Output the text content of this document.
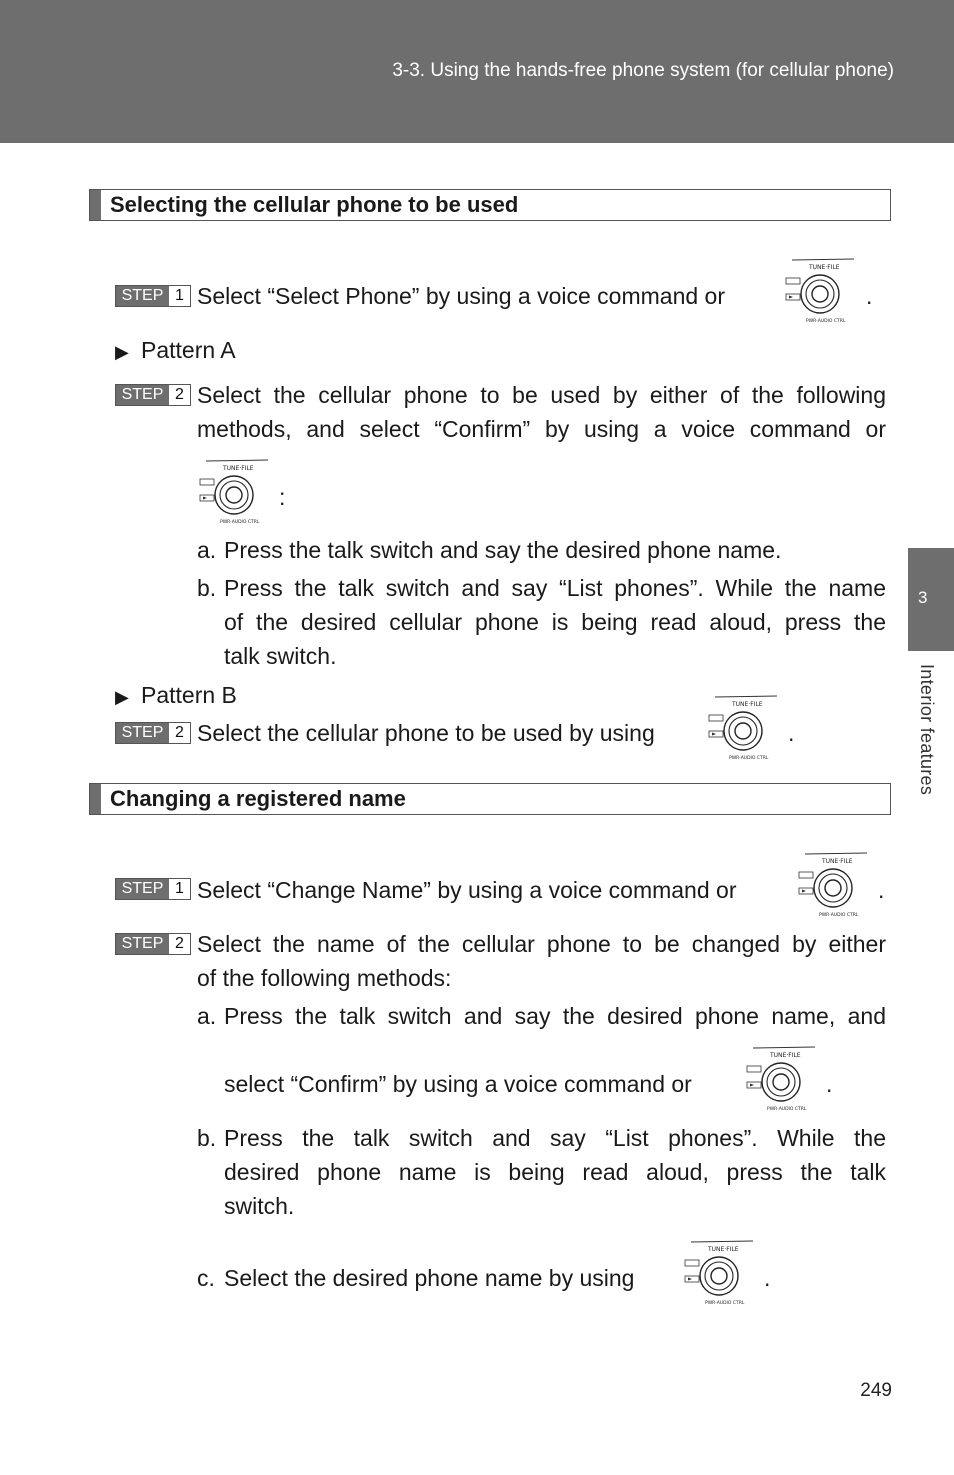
3-3. Using the hands-free phone system (for cellular phone)
3
Interior features
Selecting the cellular phone to be used
STEP 1 Select “Select Phone” by using a voice command or
TUNE·FILE
PWR·AUDIO CTRL
.
▶ Pattern A
STEP 2 Select the cellular phone to be used by either of the following
methods, and select “Confirm” by using a voice command or
TUNE·FILE
PWR·AUDIO CTRL
:
a. Press the talk switch and say the desired phone name.
b. Press the talk switch and say “List phones”. While the name
of the desired cellular phone is being read aloud, press the
talk switch.
▶ Pattern B
STEP 2 Select the cellular phone to be used by using
TUNE·FILE
PWR·AUDIO CTRL
.
Changing a registered name
STEP 1 Select “Change Name” by using a voice command or
TUNE·FILE
PWR·AUDIO CTRL
.
STEP 2 Select the name of the cellular phone to be changed by either
of the following methods:
a. Press the talk switch and say the desired phone name, and
select “Confirm” by using a voice command or
TUNE·FILE
PWR·AUDIO CTRL
.
b. Press the talk switch and say “List phones”. While the
desired phone name is being read aloud, press the talk
switch.
c. Select the desired phone name by using
TUNE·FILE
PWR·AUDIO CTRL
.
249
